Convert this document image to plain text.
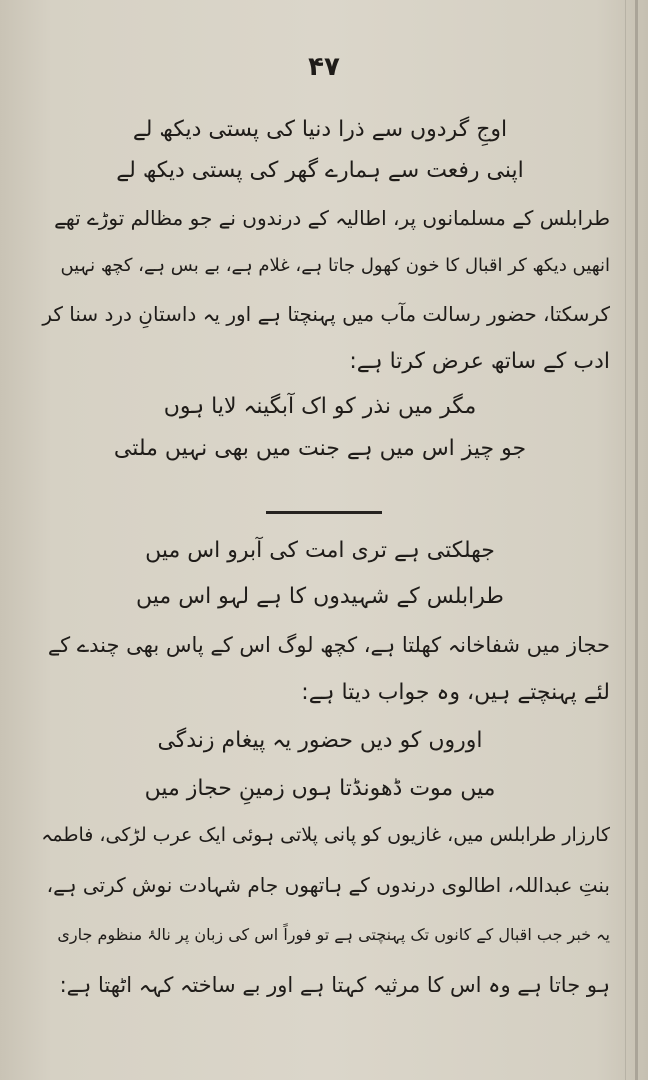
۴۷
اوجِ گردوں سے ذرا دنیا کی پستی دیکھ لے
اپنی رفعت سے ہمارے گھر کی پستی دیکھ لے
طرابلس کے مسلمانوں پر، اطالیہ کے درندوں نے جو مظالم توڑے تھے
انھیں دیکھ کر اقبال کا خون کھول جاتا ہے، غلام ہے، بے بس ہے، کچھ نہیں
کرسکتا، حضور رسالت مآب میں پہنچتا ہے اور یہ داستانِ درد سنا کر
ادب کے ساتھ عرض کرتا ہے:
مگر میں نذر کو اک آبگینہ لایا ہوں
جو چیز اس میں ہے جنت میں بھی نہیں ملتی
جھلکتی ہے تری امت کی آبرو اس میں
طرابلس کے شہیدوں کا ہے لہو اس میں
حجاز میں شفاخانہ کھلتا ہے، کچھ لوگ اس کے پاس بھی چندے کے
لئے پہنچتے ہیں، وہ جواب دیتا ہے:
اوروں کو دیں حضور یہ پیغام زندگی
میں موت ڈھونڈتا ہوں زمینِ حجاز میں
کارزار طرابلس میں، غازیوں کو پانی پلاتی ہوئی ایک عرب لڑکی، فاطمہ
بنتِ عبداللہ، اطالوی درندوں کے ہاتھوں جام شہادت نوش کرتی ہے،
یہ خبر جب اقبال کے کانوں تک پہنچتی ہے تو فوراً اس کی زبان پر نالۂ منظوم جاری
ہو جاتا ہے وہ اس کا مرثیہ کہتا ہے اور بے ساختہ کہہ اٹھتا ہے:
